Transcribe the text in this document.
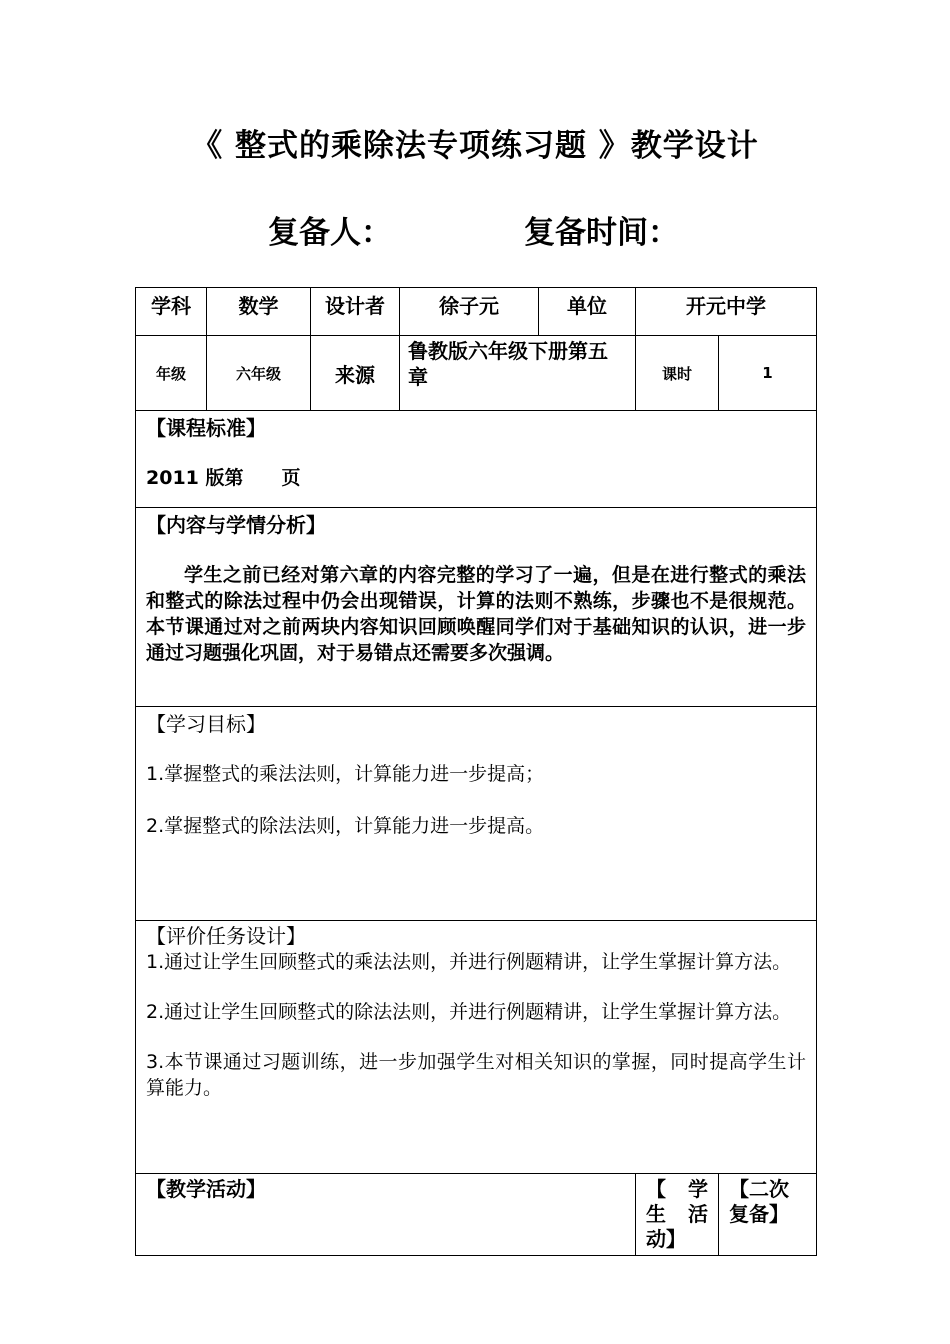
《 整式的乘除法专项练习题 》教学设计
复备人：	复备时间：
学科	数学	设计者	徐子元	单位	开元中学	
年级	六年级	来源	鲁教版六年级下册第五章		课时	1

【课程标准】
2011 版第　　页						

【内容与学情分析】

学生之前已经对第六章的内容完整的学习了一遍，但是在进行整式的乘法和整式的除法过程中仍会出现错误，计算的法则不熟练，步骤也不是很规范。本节课通过对之前两块内容知识回顾唤醒同学们对于基础知识的认识，进一步通过习题强化巩固，对于易错点还需要多次强调。						

【学习目标】

1.掌握整式的乘法法则，计算能力进一步提高；

2.掌握整式的除法法则，计算能力进一步提高。						

【评价任务设计】

1.通过让学生回顾整式的乘法法则，并进行例题精讲，让学生掌握计算方法。

2.通过让学生回顾整式的除法法则，并进行例题精讲，让学生掌握计算方法。

3.本节课通过习题训练，进一步加强学生对相关知识的掌握，同时提高学生计算能力。						

【教学活动】					【 学 生 活 动】	【二次复备】
